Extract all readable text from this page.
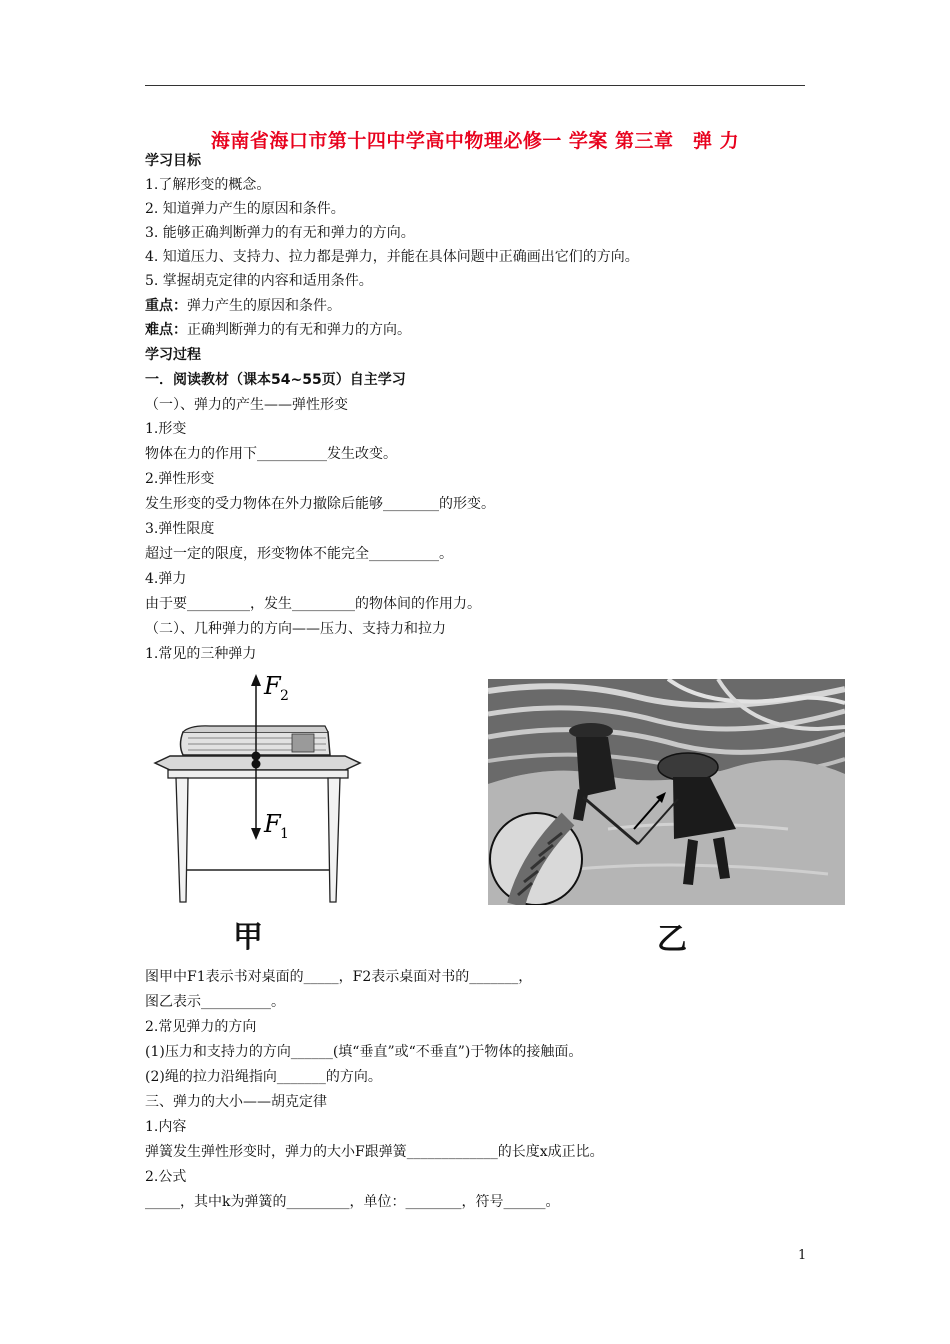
海南省海口市第十四中学高中物理必修一 学案 第三章　弹 力
学习目标
1.了解形变的概念。
2. 知道弹力产生的原因和条件。
3. 能够正确判断弹力的有无和弹力的方向。
4. 知道压力、支持力、拉力都是弹力，并能在具体问题中正确画出它们的方向。
5. 掌握胡克定律的内容和适用条件。
重点：弹力产生的原因和条件。
难点：正确判断弹力的有无和弹力的方向。
学习过程
一．阅读教材（课本54~55页）自主学习
（一）、弹力的产生——弹性形变
1.形变
物体在力的作用下__________发生改变。
2.弹性形变
发生形变的受力物体在外力撤除后能够________的形变。
3.弹性限度
超过一定的限度，形变物体不能完全__________。
4.弹力
由于要_________，发生_________的物体间的作用力。
（二）、几种弹力的方向——压力、支持力和拉力
1.常见的三种弹力
F 2
F 1
甲	乙
图甲中F1表示书对桌面的_____，F2表示桌面对书的_______，
图乙表示__________。
2.常见弹力的方向
(1)压力和支持力的方向______(填“垂直”或“不垂直”)于物体的接触面。
(2)绳的拉力沿绳指向_______的方向。
三、弹力的大小——胡克定律
1.内容
弹簧发生弹性形变时，弹力的大小F跟弹簧_____________的长度x成正比。
2.公式
_____，其中k为弹簧的_________，单位：________，符号______。
1
